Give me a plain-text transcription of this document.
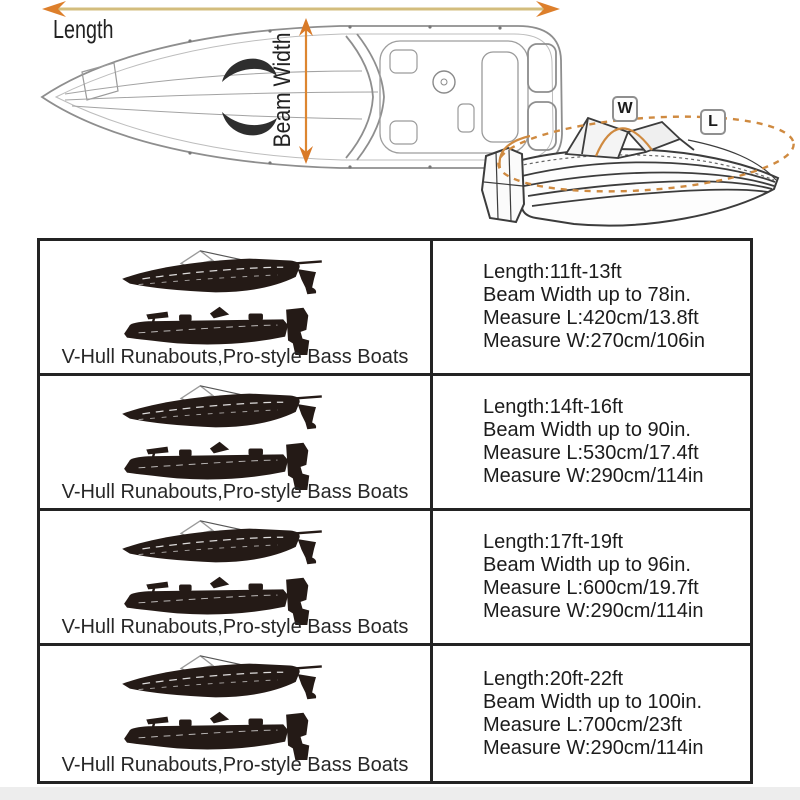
Length
Beam Width	W
L
V-Hull Runabouts,Pro-style Bass Boats

Length:11ft-13ft

Beam Width up to 78in.

Measure L:420cm/13.8ft

Measure W:270cm/106in

V-Hull Runabouts,Pro-style Bass Boats

Length:14ft-16ft

Beam Width up to 90in.

Measure L:530cm/17.4ft

Measure W:290cm/114in

V-Hull Runabouts,Pro-style Bass Boats

Length:17ft-19ft

Beam Width up to 96in.

Measure L:600cm/19.7ft

Measure W:290cm/114in

V-Hull Runabouts,Pro-style Bass Boats

Length:20ft-22ft

Beam Width up to 100in.

Measure L:700cm/23ft

Measure W:290cm/114in
